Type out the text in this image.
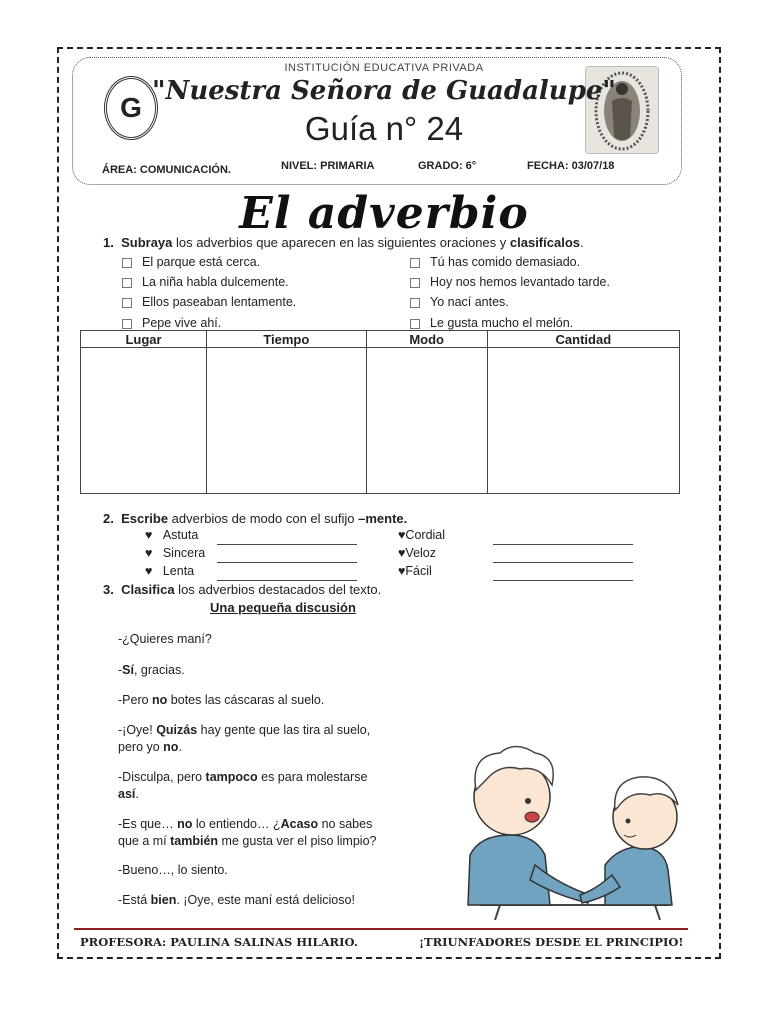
G
INSTITUCIÓN EDUCATIVA PRIVADA
"Nuestra Señora de Guadalupe"
Guía n° 24
ÁREA: COMUNICACIÓN.	NIVEL: PRIMARIA	GRADO: 6°	FECHA: 03/07/18
El adverbio
1. Subraya los adverbios que aparecen en las siguientes oraciones y clasifícalos.
El parque está cerca.
La niña habla dulcemente.
Ellos paseaban lentamente.
Pepe vive ahí.
Tú has comido demasiado.
Hoy nos hemos levantado tarde.
Yo nací antes.
Le gusta mucho el melón.
Lugar	Tiempo	Modo	Cantidad

2. Escribe adverbios de modo con el sufijo –mente.
♥ Astuta
♥ Sincera
♥ Lenta
♥Cordial
♥Veloz
♥Fácil
3. Clasifica los adverbios destacados del texto.
Una pequeña discusión
-¿Quieres maní?
-Sí, gracias.
-Pero no botes las cáscaras al suelo.
-¡Oye! Quizás hay gente que las tira al suelo,
pero yo no.
-Disculpa, pero tampoco es para molestarse
así.
-Es que… no lo entiendo… ¿Acaso no sabes
que a mí también me gusta ver el piso limpio?
-Bueno…, lo siento.
-Está bien. ¡Oye, este maní está delicioso!
PROFESORA: PAULINA SALINAS HILARIO.	¡TRIUNFADORES DESDE EL PRINCIPIO!
